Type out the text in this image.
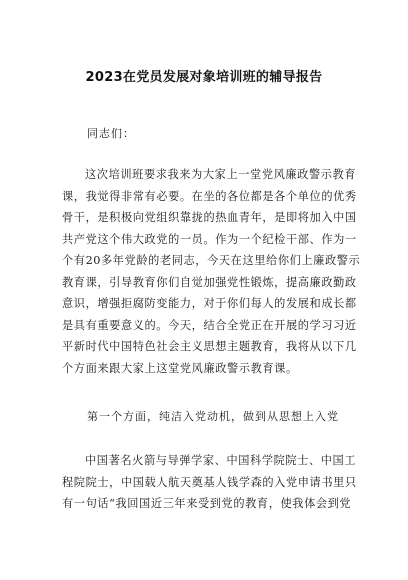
2023在党员发展对象培训班的辅导报告
同志们：
这次培训班要求我来为大家上一堂党风廉政警示教育
课，我觉得非常有必要。在坐的各位都是各个单位的优秀
骨干，是积极向党组织靠拢的热血青年，是即将加入中国
共产党这个伟大政党的一员。作为一个纪检干部、作为一
个有20多年党龄的老同志，今天在这里给你们上廉政警示
教育课，引导教育你们自觉加强党性锻炼，提高廉政勤政
意识，增强拒腐防变能力，对于你们每人的发展和成长都
是具有重要意义的。今天，结合全党正在开展的学习习近
平新时代中国特色社会主义思想主题教育，我将从以下几
个方面来跟大家上这堂党风廉政警示教育课。
第一个方面，纯洁入党动机，做到从思想上入党
中国著名火箭与导弹学家、中国科学院院士、中国工
程院院士，中国载人航天奠基人钱学森的入党申请书里只
有一句话“我回国近三年来受到党的教育，使我体会到党
